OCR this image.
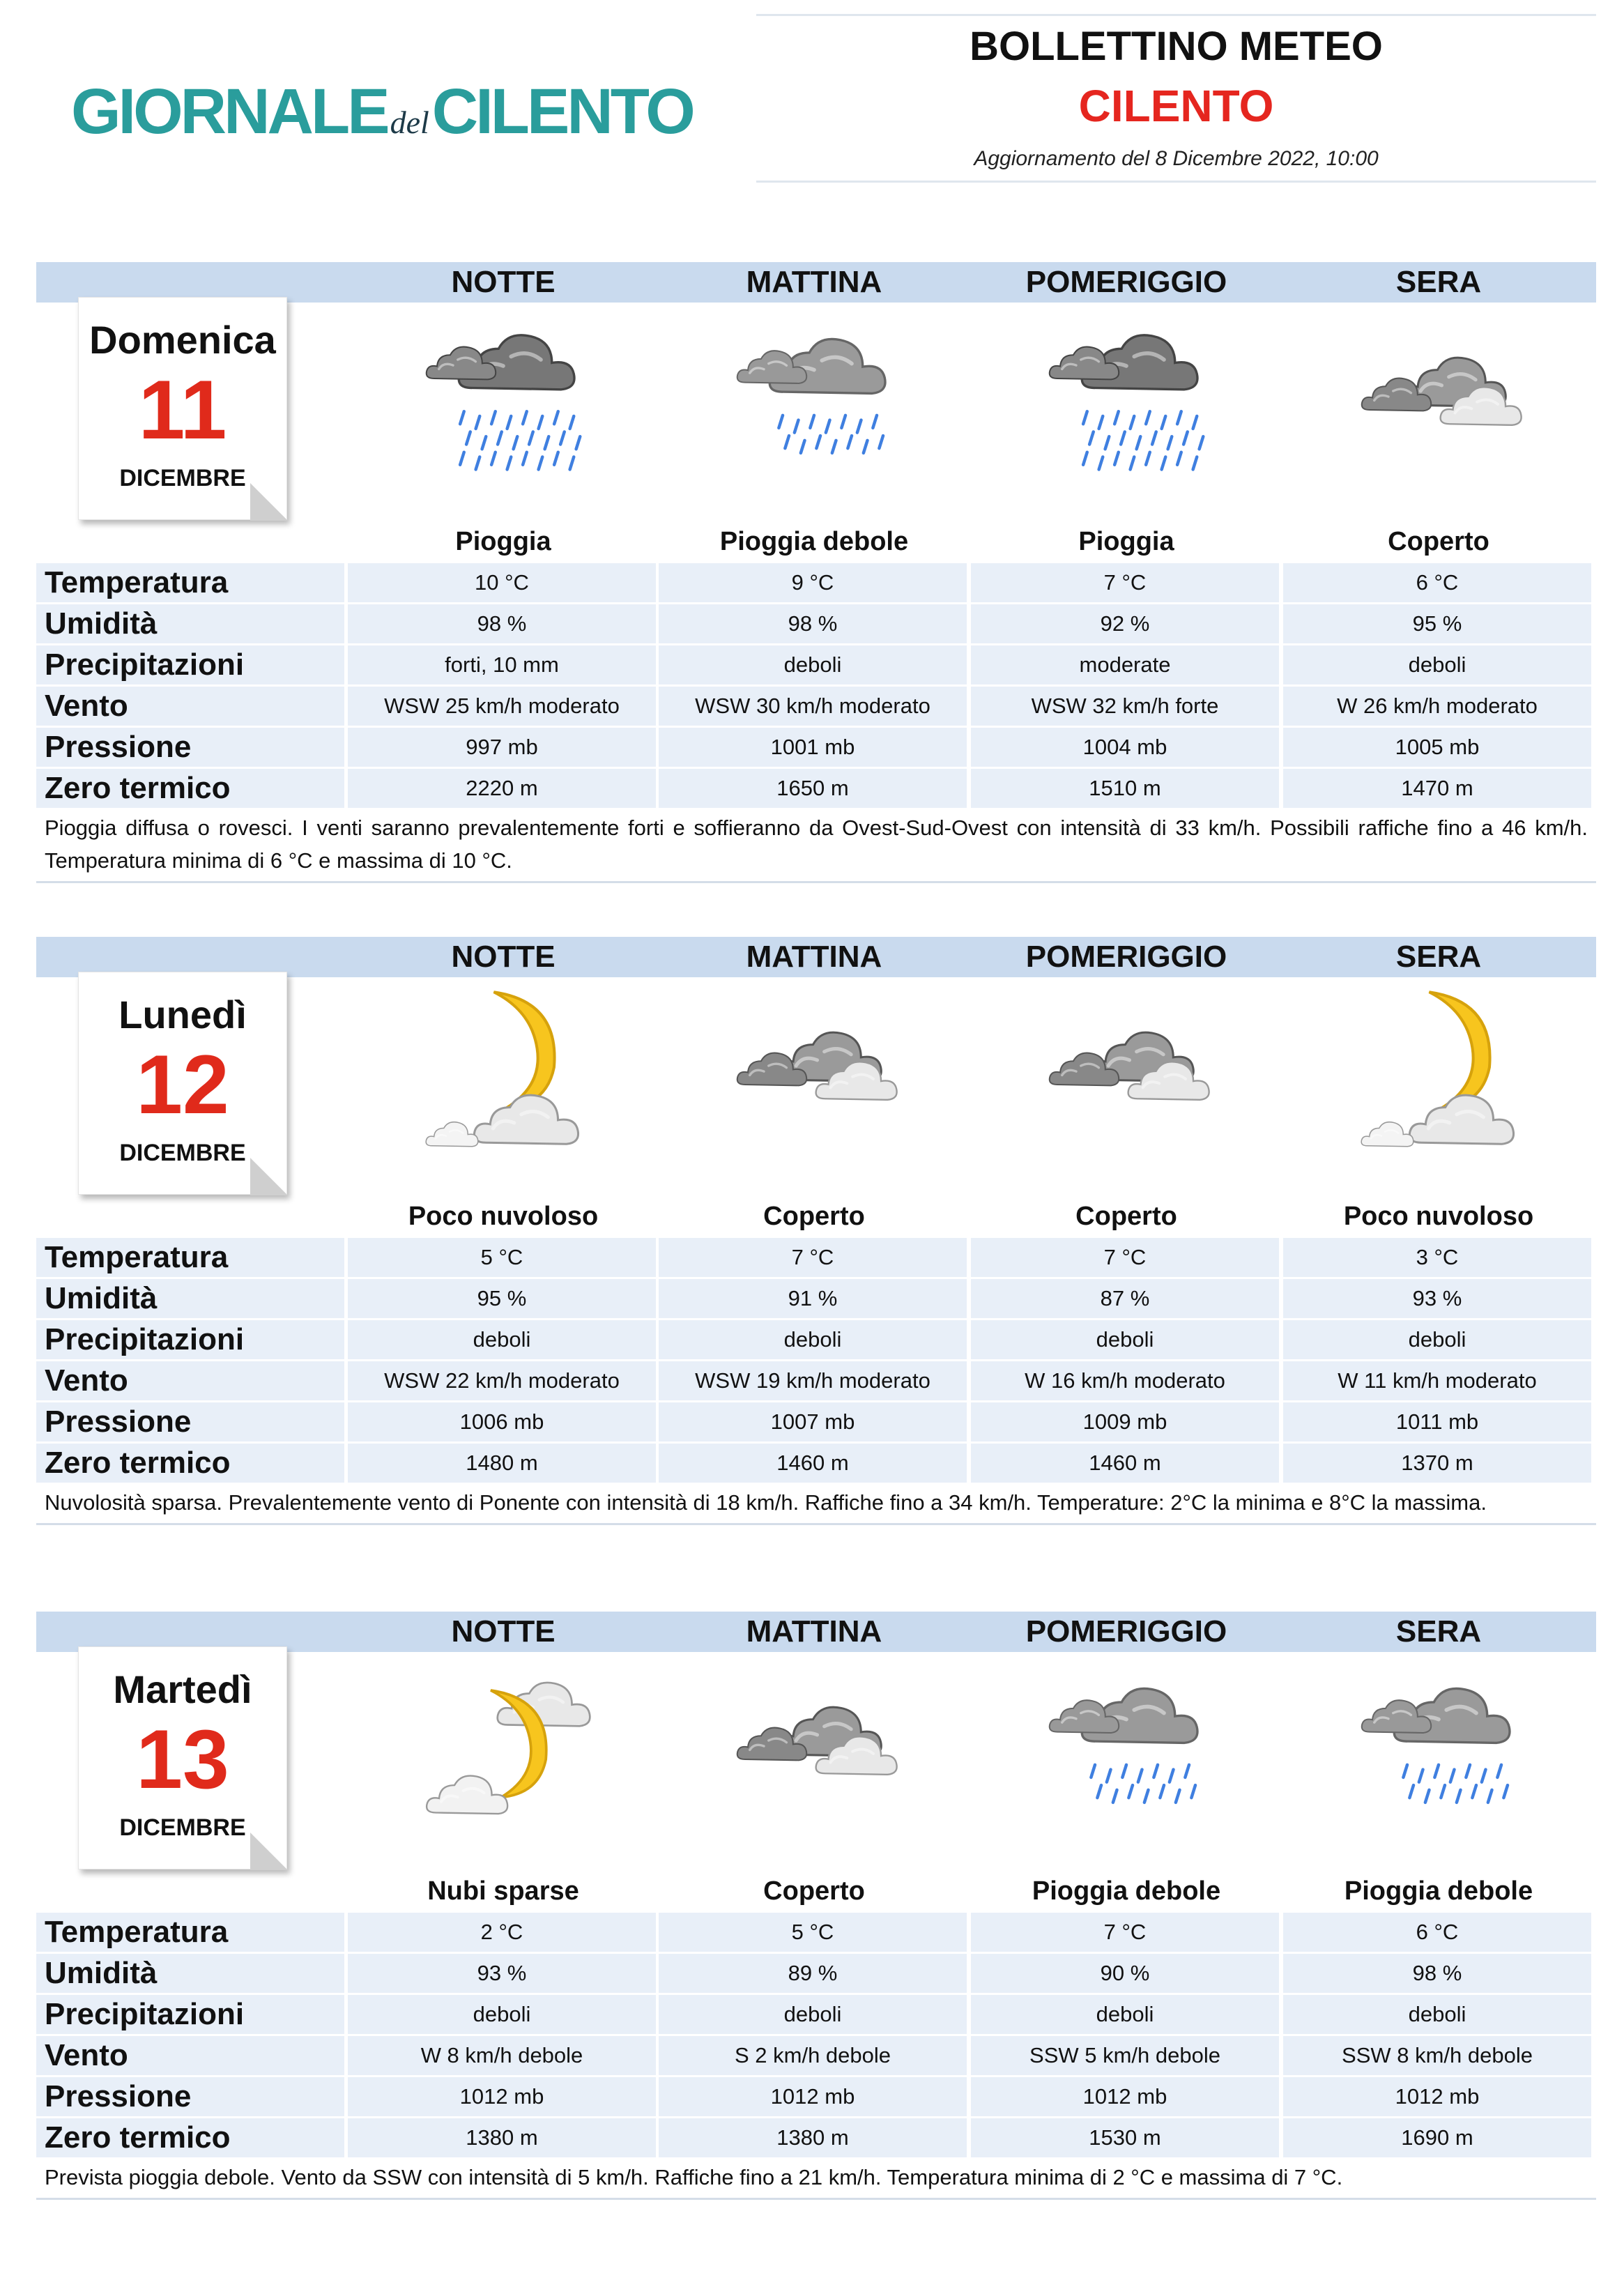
GIORNALEdelCILENTO
BOLLETTINO METEO
CILENTO
Aggiornamento del 8 Dicembre 2022, 10:00
NOTTE	MATTINA	POMERIGGIO	SERA
Domenica
11
DICEMBRE
Pioggia	Pioggia debole	Pioggia	Coperto
Temperatura	10 °C	9 °C	7 °C	6 °C
Umidità	98 %	98 %	92 %	95 %
Precipitazioni	forti, 10 mm	deboli	moderate	deboli
Vento	WSW 25 km/h moderato	WSW 30 km/h moderato	WSW 32 km/h forte	W 26 km/h moderato
Pressione	997 mb	1001 mb	1004 mb	1005 mb
Zero termico	2220 m	1650 m	1510 m	1470 m
Pioggia diffusa o rovesci. I venti saranno prevalentemente forti e soffieranno da Ovest-Sud-Ovest con intensità di 33 km/h. Possibili raffiche fino a 46 km/h. Temperatura minima di 6 °C e massima di 10 °C.
NOTTE	MATTINA	POMERIGGIO	SERA
Lunedì
12
DICEMBRE
Poco nuvoloso	Coperto	Coperto	Poco nuvoloso
Temperatura	5 °C	7 °C	7 °C	3 °C
Umidità	95 %	91 %	87 %	93 %
Precipitazioni	deboli	deboli	deboli	deboli
Vento	WSW 22 km/h moderato	WSW 19 km/h moderato	W 16 km/h moderato	W 11 km/h moderato
Pressione	1006 mb	1007 mb	1009 mb	1011 mb
Zero termico	1480 m	1460 m	1460 m	1370 m
Nuvolosità sparsa. Prevalentemente vento di Ponente con intensità di 18 km/h. Raffiche fino a 34 km/h. Temperature: 2°C la minima e 8°C la massima.
NOTTE	MATTINA	POMERIGGIO	SERA
Martedì
13
DICEMBRE
Nubi sparse	Coperto	Pioggia debole	Pioggia debole
Temperatura	2 °C	5 °C	7 °C	6 °C
Umidità	93 %	89 %	90 %	98 %
Precipitazioni	deboli	deboli	deboli	deboli
Vento	W 8 km/h debole	S 2 km/h debole	SSW 5 km/h debole	SSW 8 km/h debole
Pressione	1012 mb	1012 mb	1012 mb	1012 mb
Zero termico	1380 m	1380 m	1530 m	1690 m
Prevista pioggia debole. Vento da SSW con intensità di 5 km/h. Raffiche fino a 21 km/h. Temperatura minima di 2 °C e massima di 7 °C.
